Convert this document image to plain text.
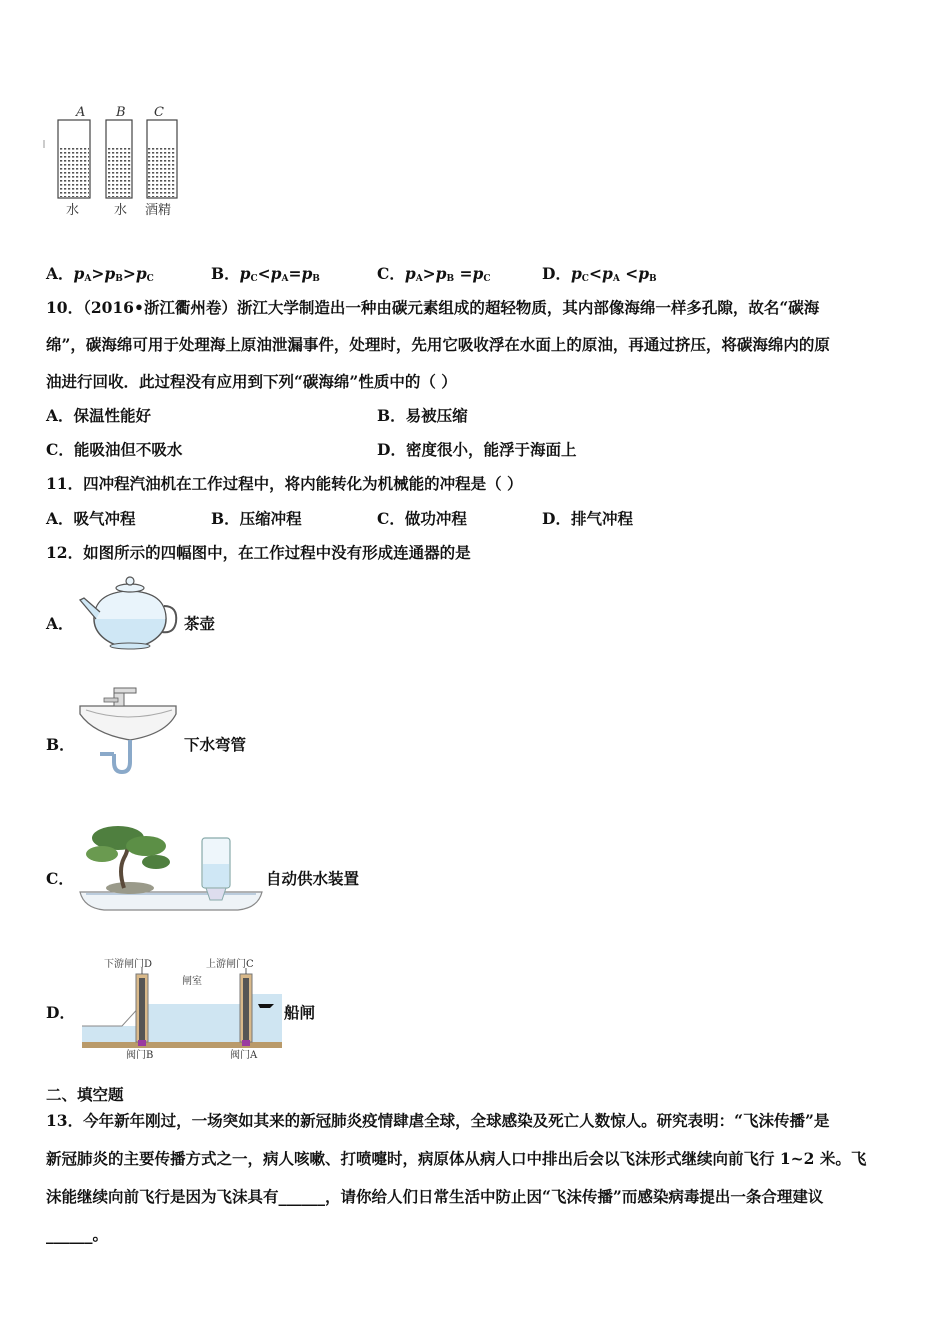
A B C
水	水 酒精
A．$p_A>p_B>p_C$	B．$p_C<p_A=p_B$	C．$p_A>p_B =p_C$	D．$p_C<p_A <p_B$
10．（2016•浙江衢州卷）浙江大学制造出一种由碳元素组成的超轻物质，其内部像海绵一样多孔隙，故名“碳海
绵”，碳海绵可用于处理海上原油泄漏事件，处理时，先用它吸收浮在水面上的原油，再通过挤压，将碳海绵内的原
油进行回收．此过程没有应用到下列“碳海绵”性质中的（ ）
A．保温性能好	B．易被压缩
C．能吸油但不吸水	D．密度很小，能浮于海面上
11．四冲程汽油机在工作过程中，将内能转化为机械能的冲程是（ ）
A．吸气冲程	B．压缩冲程	C．做功冲程	D．排气冲程
12．如图所示的四幅图中，在工作过程中没有形成连通器的是
A．	茶壶
B．	下水弯管
C．	自动供水装置
D．
下游闸门D	上游闸门C
闸室
阀门B	阀门A
船闸
二、填空题
13．今年新年刚过，一场突如其来的新冠肺炎疫情肆虐全球，全球感染及死亡人数惊人。研究表明：“飞沫传播”是
新冠肺炎的主要传播方式之一，病人咳嗽、打喷嚏时，病原体从病人口中排出后会以飞沫形式继续向前飞行 1~2 米。飞
沫能继续向前飞行是因为飞沫具有______，请你给人们日常生活中防止因“飞沫传播”而感染病毒提出一条合理建议
______。
